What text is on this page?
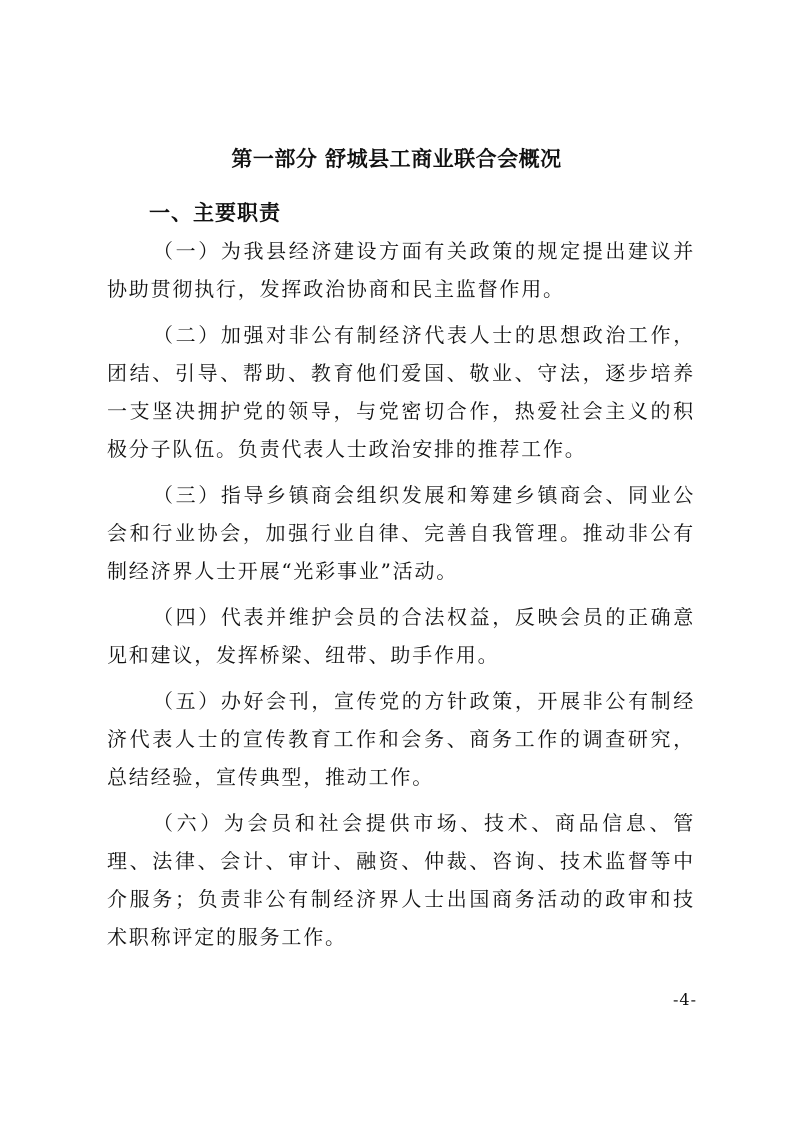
第一部分 舒城县工商业联合会概况
一、主要职责

（一）为我县经济建设方面有关政策的规定提出建议并协助贯彻执行，发挥政治协商和民主监督作用。

（二）加强对非公有制经济代表人士的思想政治工作，团结、引导、帮助、教育他们爱国、敬业、守法，逐步培养一支坚决拥护党的领导，与党密切合作，热爱社会主义的积极分子队伍。负责代表人士政治安排的推荐工作。

（三）指导乡镇商会组织发展和筹建乡镇商会、同业公会和行业协会，加强行业自律、完善自我管理。推动非公有制经济界人士开展“光彩事业”活动。

（四）代表并维护会员的合法权益，反映会员的正确意见和建议，发挥桥梁、纽带、助手作用。

（五）办好会刊，宣传党的方针政策，开展非公有制经济代表人士的宣传教育工作和会务、商务工作的调查研究，总结经验，宣传典型，推动工作。

（六）为会员和社会提供市场、技术、商品信息、管理、法律、会计、审计、融资、仲裁、咨询、技术监督等中介服务；负责非公有制经济界人士出国商务活动的政审和技术职称评定的服务工作。

-4-
